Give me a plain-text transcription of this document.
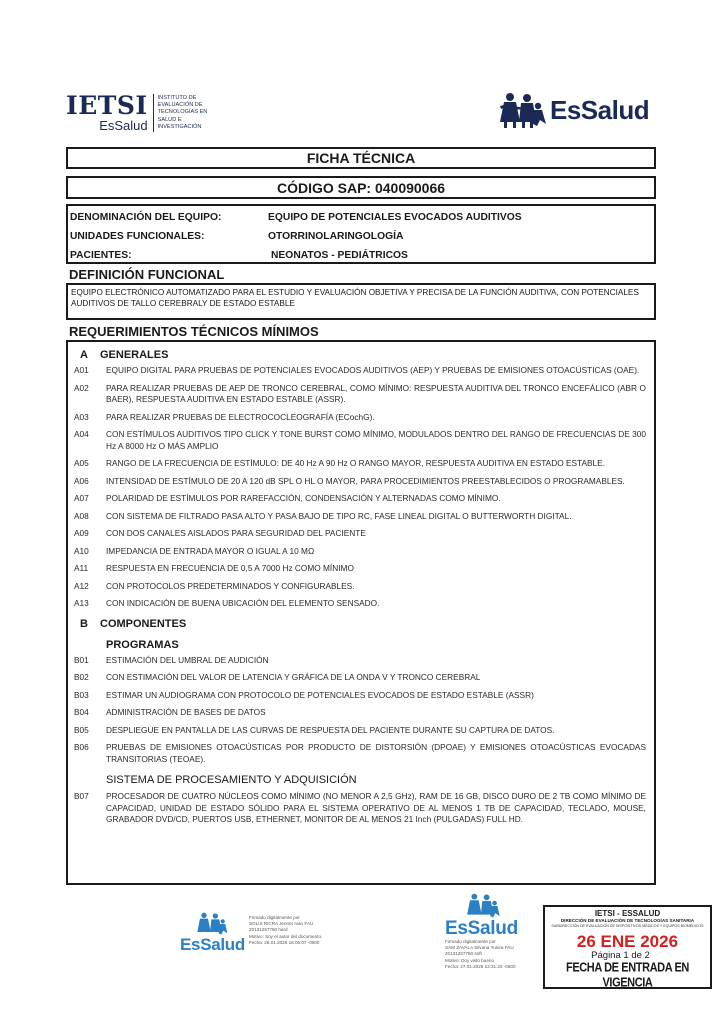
IETSI
EsSalud
INSTITUTO DE
EVALUACIÓN DE
TECNOLOGÍAS EN
SALUD E
INVESTIGACIÓN
EsSalud
FICHA TÉCNICA
CÓDIGO SAP: 040090066
DENOMINACIÓN DEL EQUIPO:	EQUIPO DE POTENCIALES EVOCADOS AUDITIVOS
UNIDADES FUNCIONALES:	OTORRINOLARINGOLOGÍA
PACIENTES:	NEONATOS - PEDIÁTRICOS
DEFINICIÓN FUNCIONAL
EQUIPO ELECTRÓNICO AUTOMATIZADO PARA EL ESTUDIO Y EVALUACIÓN OBJETIVA Y PRECISA DE LA FUNCIÓN AUDITIVA, CON POTENCIALES AUDITIVOS DE TALLO CEREBRALY DE ESTADO ESTABLE
REQUERIMIENTOS TÉCNICOS MÍNIMOS
A	GENERALES
A01	EQUIPO DIGITAL PARA PRUEBAS DE POTENCIALES EVOCADOS AUDITIVOS (AEP) Y PRUEBAS DE EMISIONES OTOACÚSTICAS (OAE).
A02	PARA REALIZAR PRUEBAS DE AEP DE TRONCO CEREBRAL, COMO MÍNIMO: RESPUESTA AUDITIVA DEL TRONCO ENCEFÁLICO (ABR O BAER), RESPUESTA AUDITIVA EN ESTADO ESTABLE (ASSR).
A03	PARA REALIZAR PRUEBAS DE ELECTROCOCLEOGRAFÍA (ECochG).
A04	CON ESTÍMULOS AUDITIVOS TIPO CLICK Y TONE BURST COMO MÍNIMO, MODULADOS DENTRO DEL RANGO DE FRECUENCIAS DE 300 Hz A 8000 Hz O MÁS AMPLIO
A05	RANGO DE LA FRECUENCIA DE ESTÍMULO: DE 40 Hz A 90 Hz O RANGO MAYOR, RESPUESTA AUDITIVA EN ESTADO ESTABLE.
A06	INTENSIDAD DE ESTÍMULO DE 20 A 120 dB SPL O HL O MAYOR, PARA PROCEDIMIENTOS PREESTABLECIDOS O PROGRAMABLES.
A07	POLARIDAD DE ESTÍMULOS POR RAREFACCIÓN, CONDENSACIÓN Y ALTERNADAS COMO MÍNIMO.
A08	CON SISTEMA DE FILTRADO PASA ALTO Y PASA BAJO DE TIPO RC, FASE LINEAL DIGITAL O BUTTERWORTH DIGITAL.
A09	CON DOS CANALES AISLADOS PARA SEGURIDAD DEL PACIENTE
A10	IMPEDANCIA DE ENTRADA MAYOR O IGUAL A 10 MΩ
A11	RESPUESTA EN FRECUENCIA DE 0,5 A 7000 Hz COMO MÍNIMO
A12	CON PROTOCOLOS PREDETERMINADOS Y CONFIGURABLES.
A13	CON INDICACIÓN DE BUENA UBICACIÓN DEL ELEMENTO SENSADO.
B	COMPONENTES
PROGRAMAS
B01	ESTIMACIÓN DEL UMBRAL DE AUDICIÓN
B02	CON ESTIMACIÓN DEL VALOR DE LATENCIA Y GRÁFICA DE LA ONDA V Y TRONCO CEREBRAL
B03	ESTIMAR UN AUDIOGRAMA CON PROTOCOLO DE POTENCIALES EVOCADOS DE ESTADO ESTABLE (ASSR)
B04	ADMINISTRACIÓN DE BASES DE DATOS
B05	DESPLIEGUE EN PANTALLA DE LAS CURVAS DE RESPUESTA DEL PACIENTE DURANTE SU CAPTURA DE DATOS.
B06	PRUEBAS DE EMISIONES OTOACÚSTICAS POR PRODUCTO DE DISTORSIÓN (DPOAE) Y EMISIONES OTOACÚSTICAS EVOCADAS TRANSITORIAS (TEOAE).
SISTEMA DE PROCESAMIENTO Y ADQUISICIÓN
B07	PROCESADOR DE CUATRO NÚCLEOS COMO MÍNIMO (NO MENOR A 2,5 GHz), RAM DE 16 GB, DISCO DURO DE 2 TB COMO MÍNIMO DE CAPACIDAD, UNIDAD DE ESTADO SÓLIDO PARA EL SISTEMA OPERATIVO DE AL MENOS 1 TB DE CAPACIDAD, TECLADO, MOUSE, GRABADOR DVD/CD, PUERTOS USB, ETHERNET, MONITOR DE AL MENOS 21 Inch (PULGADAS) FULL HD.
EsSalud
Firmado digitalmente por
SOLIS RICRA Jenner Ivan FAU
20131257750 hard
Motivo: Soy el autor del documento.
Fecha: 28.01.2026 16:05:07 -0500
EsSalud
Firmado digitalmente por
SAM ZAVALA Silvana Yunira FAU
20131257750 soft
Motivo: Doy visto bueno
Fecha: 27.01.2026 13:31:23 -0500
IETSI - ESSALUD
DIRECCIÓN DE EVALUACIÓN DE TECNOLOGÍAS SANITARIA
SUBDIRECCIÓN DE EVALUACIÓN DE DISPOSITIVOS MÉDICOS Y EQUIPOS BIOMÉDICOS
26 ENE 2026
Página 1 de 2
FECHA DE ENTRADA EN VIGENCIA
